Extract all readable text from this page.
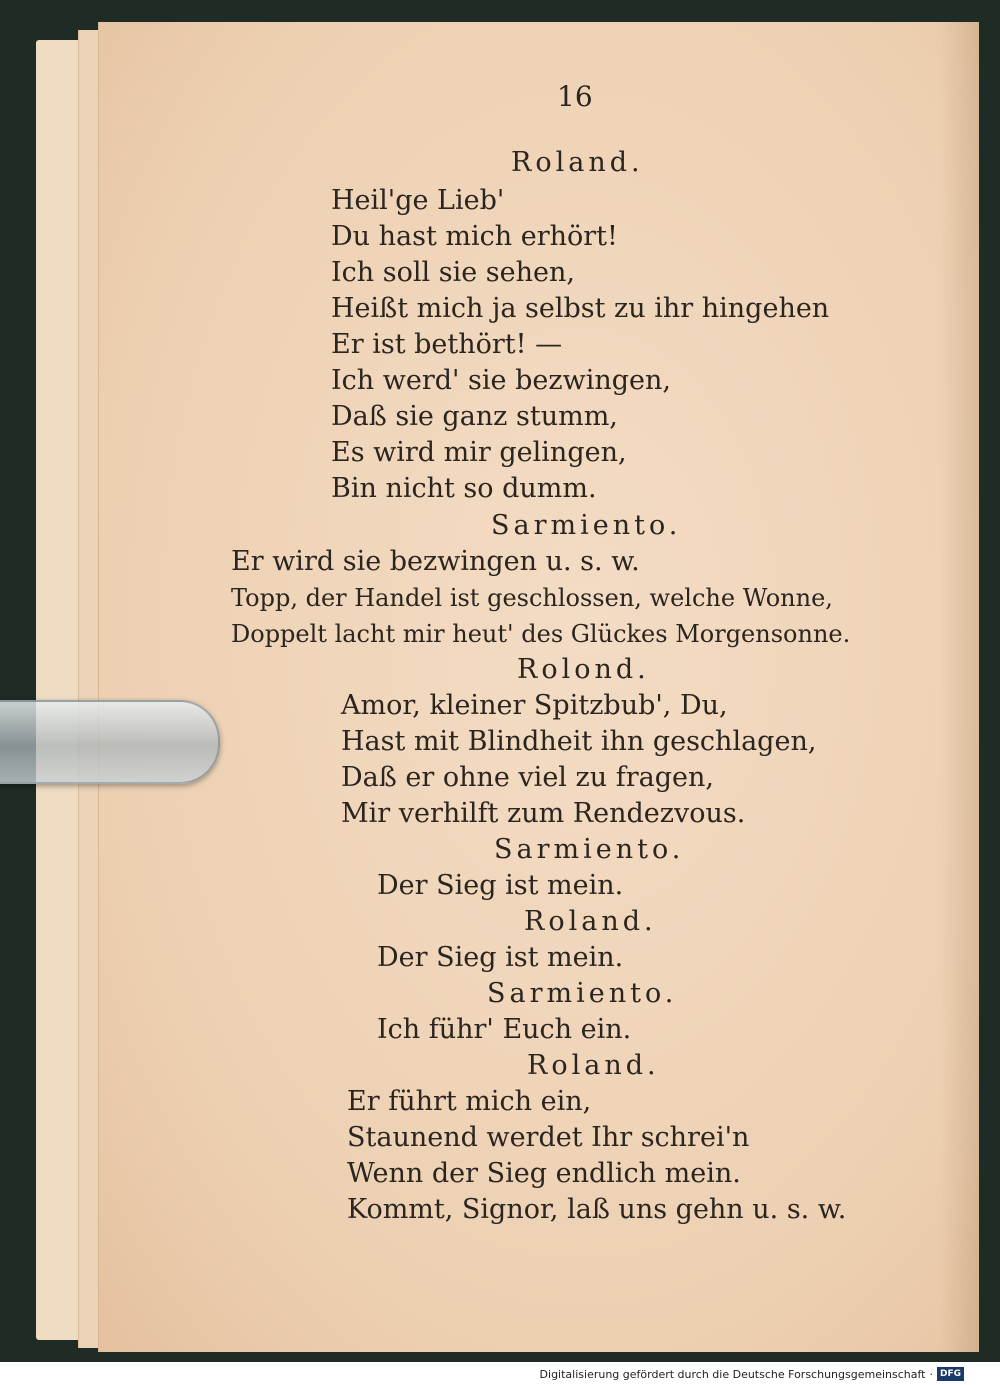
16
Roland.
Heil'ge Lieb'
Du hast mich erhört!
Ich soll sie sehen,
Heißt mich ja selbst zu ihr hingehen
Er ist bethört! —
Ich werd' sie bezwingen,
Daß sie ganz stumm,
Es wird mir gelingen,
Bin nicht so dumm.
Sarmiento.
Er wird sie bezwingen u. s. w.
Topp, der Handel ist geschlossen, welche Wonne,
Doppelt lacht mir heut' des Glückes Morgensonne.
Rolond.
Amor, kleiner Spitzbub', Du,
Hast mit Blindheit ihn geschlagen,
Daß er ohne viel zu fragen,
Mir verhilft zum Rendezvous.
Sarmiento.
Der Sieg ist mein.
Roland.
Der Sieg ist mein.
Sarmiento.
Ich führ' Euch ein.
Roland.
Er führt mich ein,
Staunend werdet Ihr schrei'n
Wenn der Sieg endlich mein.
Kommt, Signor, laß uns gehn u. s. w.
Digitalisierung gefördert durch die Deutsche Forschungsgemeinschaft · DFG
